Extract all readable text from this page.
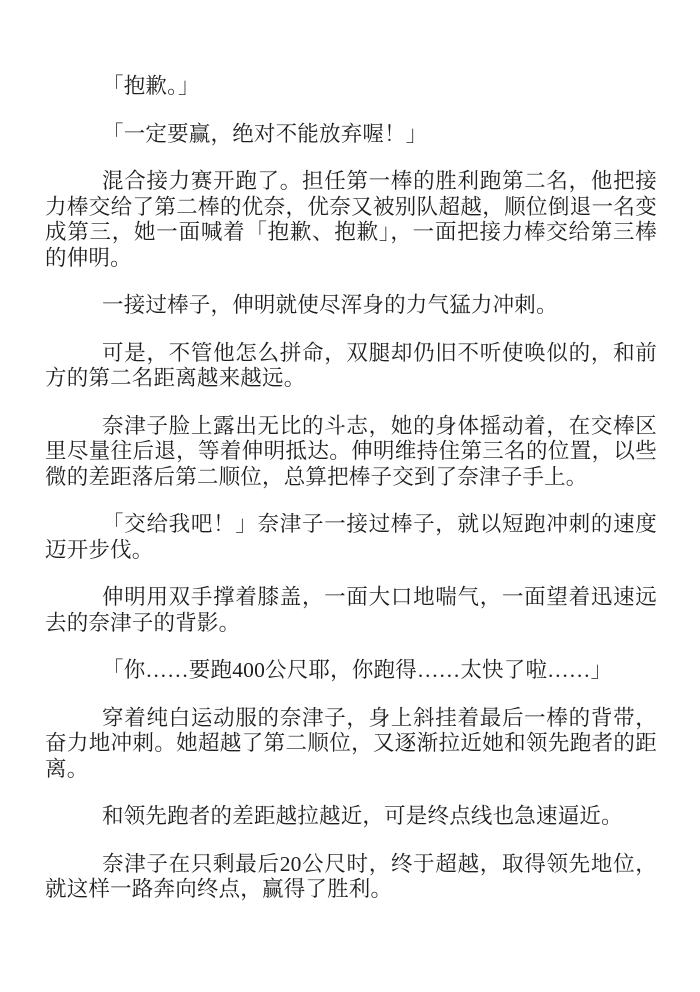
「抱歉。」

「一定要赢，绝对不能放弃喔！」

混合接力赛开跑了。担任第一棒的胜利跑第二名，他把接力棒交给了第二棒的优奈，优奈又被别队超越，顺位倒退一名变成第三，她一面喊着「抱歉、抱歉」，一面把接力棒交给第三棒的伸明。

一接过棒子，伸明就使尽浑身的力气猛力冲刺。

可是，不管他怎么拼命，双腿却仍旧不听使唤似的，和前方的第二名距离越来越远。

奈津子脸上露出无比的斗志，她的身体摇动着，在交棒区里尽量往后退，等着伸明抵达。伸明维持住第三名的位置，以些微的差距落后第二顺位，总算把棒子交到了奈津子手上。

「交给我吧！」奈津子一接过棒子，就以短跑冲刺的速度迈开步伐。

伸明用双手撑着膝盖，一面大口地喘气，一面望着迅速远去的奈津子的背影。

「你……要跑400公尺耶，你跑得……太快了啦……」

穿着纯白运动服的奈津子，身上斜挂着最后一棒的背带，奋力地冲刺。她超越了第二顺位，又逐渐拉近她和领先跑者的距离。

和领先跑者的差距越拉越近，可是终点线也急速逼近。

奈津子在只剩最后20公尺时，终于超越，取得领先地位，就这样一路奔向终点，赢得了胜利。
